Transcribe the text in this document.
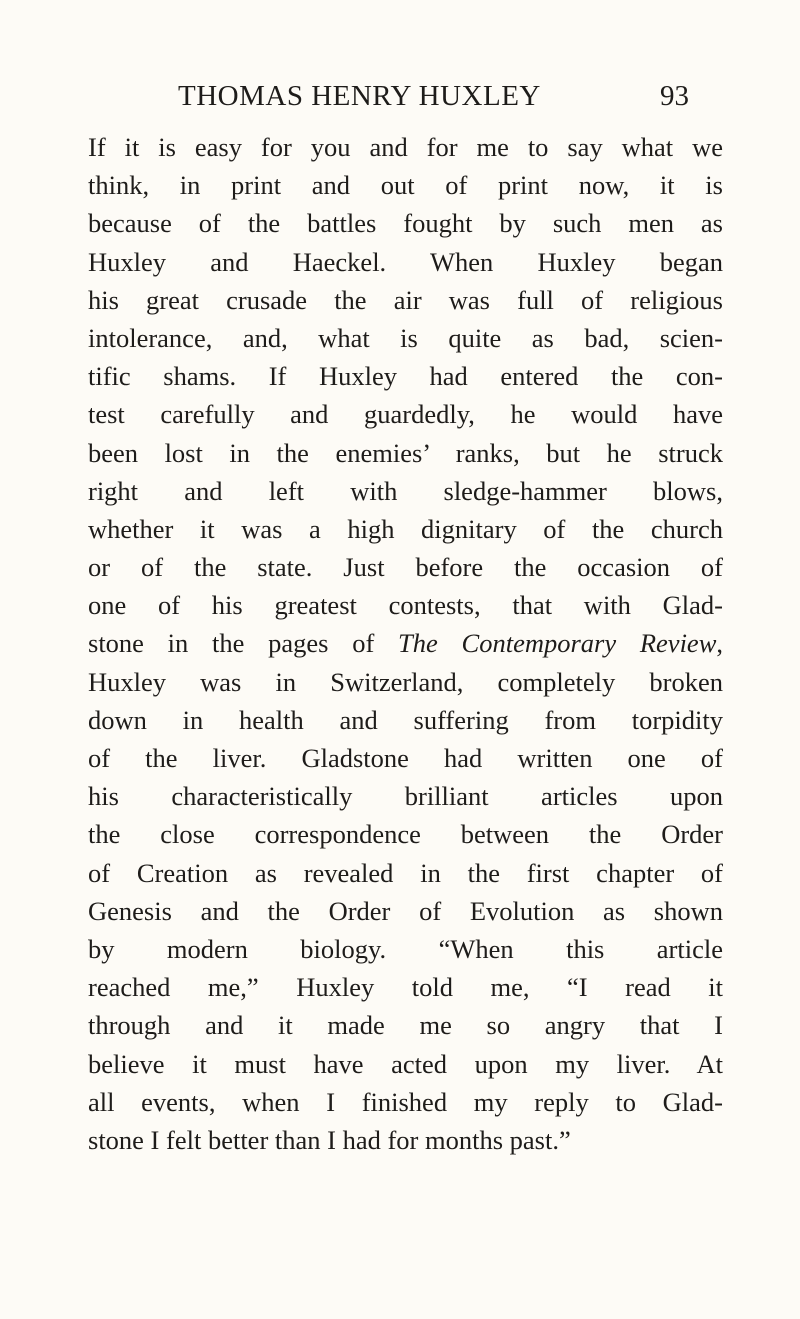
THOMAS HENRY HUXLEY	93
If it is easy for you and for me to say what we
think, in print and out of print now, it is
because of the battles fought by such men as
Huxley and Haeckel. When Huxley began
his great crusade the air was full of religious
intolerance, and, what is quite as bad, scien-
tific shams. If Huxley had entered the con-
test carefully and guardedly, he would have
been lost in the enemies’ ranks, but he struck
right and left with sledge-hammer blows,
whether it was a high dignitary of the church
or of the state. Just before the occasion of
one of his greatest contests, that with Glad-
stone in the pages of The Contemporary Review,
Huxley was in Switzerland, completely broken
down in health and suffering from torpidity
of the liver. Gladstone had written one of
his characteristically brilliant articles upon
the close correspondence between the Order
of Creation as revealed in the first chapter of
Genesis and the Order of Evolution as shown
by modern biology. “When this article
reached me,” Huxley told me, “I read it
through and it made me so angry that I
believe it must have acted upon my liver. At
all events, when I finished my reply to Glad-
stone I felt better than I had for months past.”
